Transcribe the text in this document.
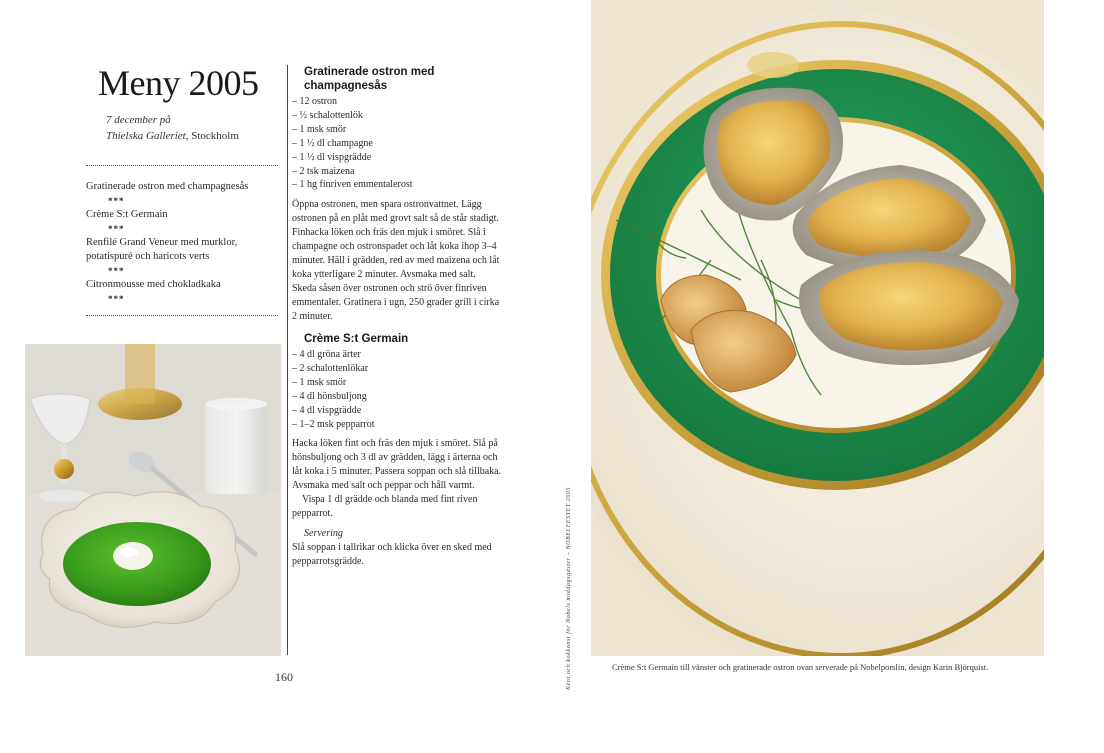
Meny 2005
7 december på
Thielska Galleriet, Stockholm
Gratinerade ostron med champagnesås
***
Crème S:t Germain
***
Renfilé Grand Veneur med murklor, potatispuré och haricots verts
***
Citronmousse med chokladkaka
***
Gratinerade ostron med champagnesås
– 12 ostron
– ½ schalottenlök
– 1 msk smör
– 1 ½ dl champagne
– 1 ½ dl vispgrädde
– 2 tsk maizena
– 1 hg finriven emmentalerost

Öppna ostronen, men spara ostronvattnet. Lägg ostronen på en plåt med grovt salt så de står stadigt. Finhacka löken och fräs den mjuk i smöret. Slå i champagne och ostronspadet och låt koka ihop 3–4 minuter. Häll i grädden, red av med maizena och låt koka ytterligare 2 minuter. Avsmaka med salt. Skeda såsen över ostronen och strö över finriven emmentaler. Gratinera i ugn, 250 grader grill i cirka 2 minuter.

Crème S:t Germain
– 4 dl gröna ärter
– 2 schalottenlökar
– 1 msk smör
– 4 dl hönsbuljong
– 4 dl vispgrädde
– 1–2 msk pepparrot

Hacka löken fint och fräs den mjuk i smöret. Slå på hönsbuljong och 3 dl av grädden, lägg i ärterna och låt koka i 5 minuter. Passera soppan och slå tillbaka. Avsmaka med salt och peppar och håll varmt.

Vispa 1 dl grädde och blanda med fint riven pepparrot.

Servering

Slå soppan i tallrikar och klicka över en sked med pepparrotsgrädde.

160	Kent och kokkonst för Nobels middagsgäster – NOBELFESTET 2005	Crème S:t Germain till vänster och gratinerade ostron ovan serverade på Nobelporslin, design Karin Björquist.
